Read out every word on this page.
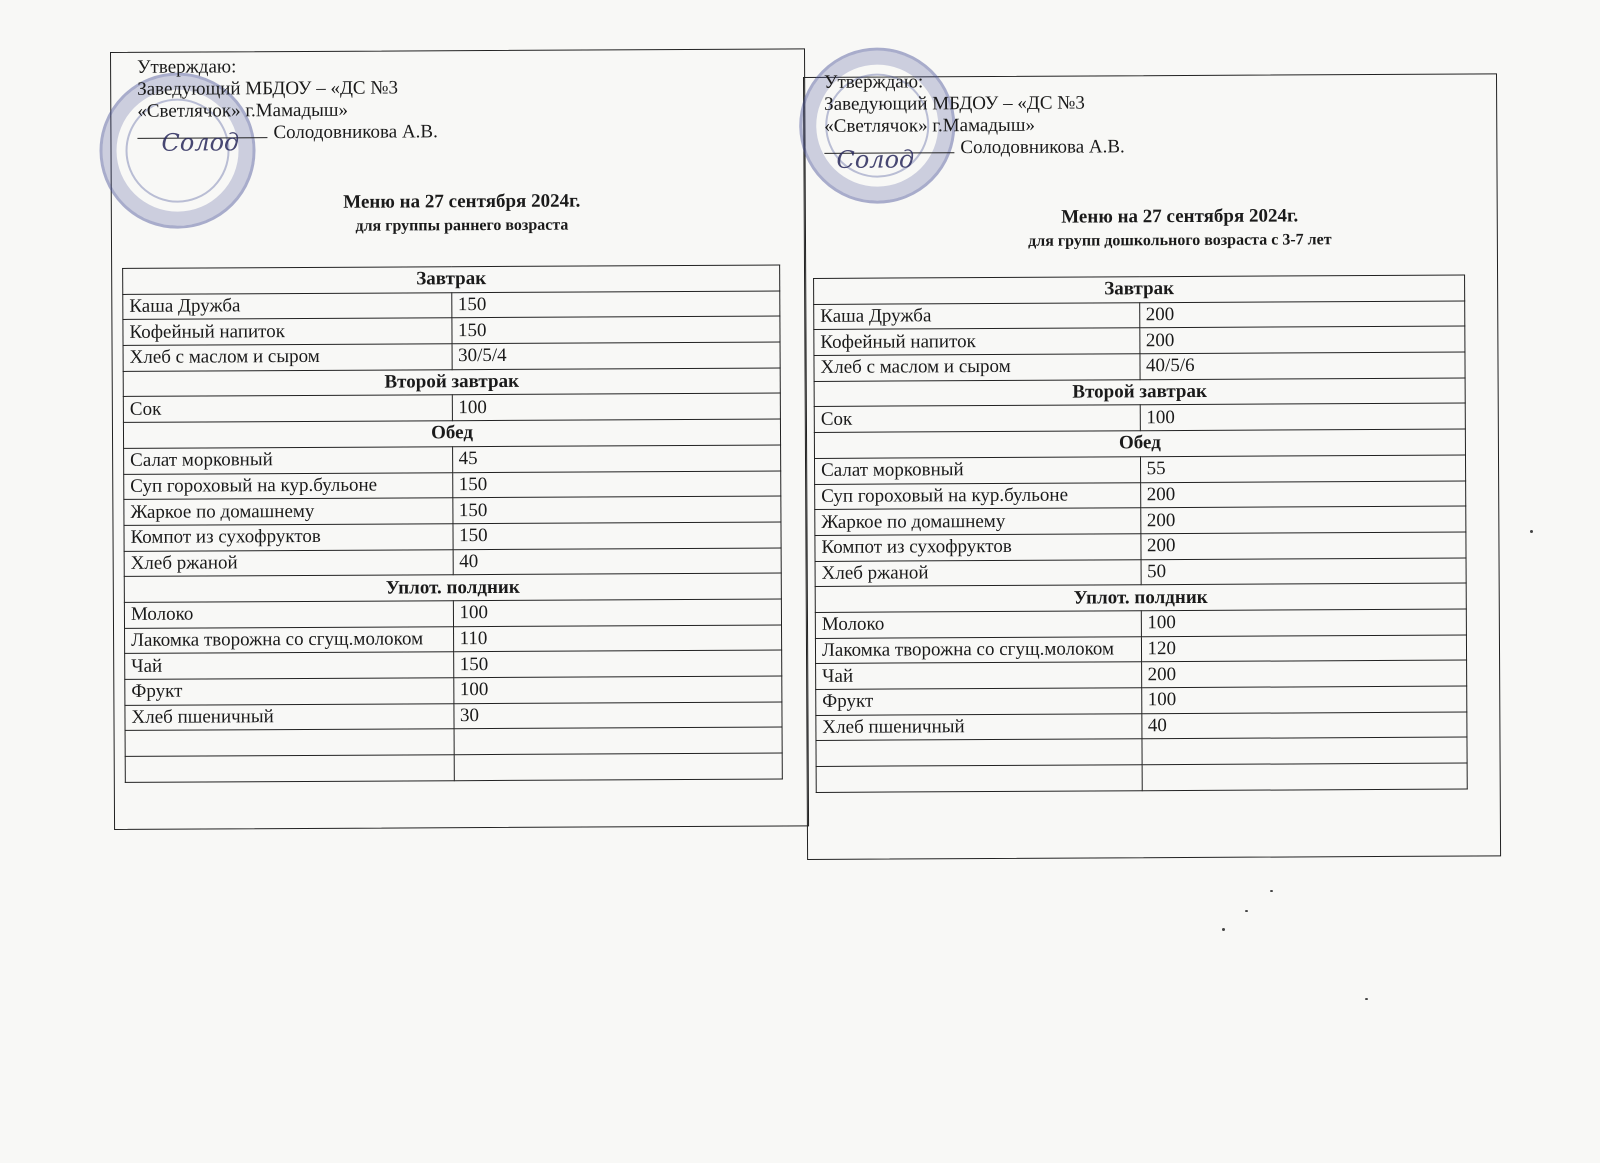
Утверждаю:
Заведующий МБДОУ – «ДС №3
«Светлячок» г.Мамадыш»
Солодовникова А.В.
Солод
Меню на 27 сентября 2024г.
для группы раннего возраста
Завтрак	
Каша Дружба	150
Кофейный напиток	150
Хлеб с маслом и сыром	30/5/4
Второй завтрак	
Сок	100
Обед	
Салат морковный	45
Суп гороховый на кур.бульоне	150
Жаркое по домашнему	150
Компот из сухофруктов	150
Хлеб ржаной	40
Уплот. полдник	
Молоко	100
Лакомка творожна со сгущ.молоком	110
Чай	150
Фрукт	100
Хлеб пшеничный	30

Утверждаю:
Заведующий МБДОУ – «ДС №3
«Светлячок» г.Мамадыш»
Солодовникова А.В.
Солод
Меню на 27 сентября 2024г.
для групп дошкольного возраста с 3-7 лет
Завтрак	
Каша Дружба	200
Кофейный напиток	200
Хлеб с маслом и сыром	40/5/6
Второй завтрак	
Сок	100
Обед	
Салат морковный	55
Суп гороховый на кур.бульоне	200
Жаркое по домашнему	200
Компот из сухофруктов	200
Хлеб ржаной	50
Уплот. полдник	
Молоко	100
Лакомка творожна со сгущ.молоком	120
Чай	200
Фрукт	100
Хлеб пшеничный	40
